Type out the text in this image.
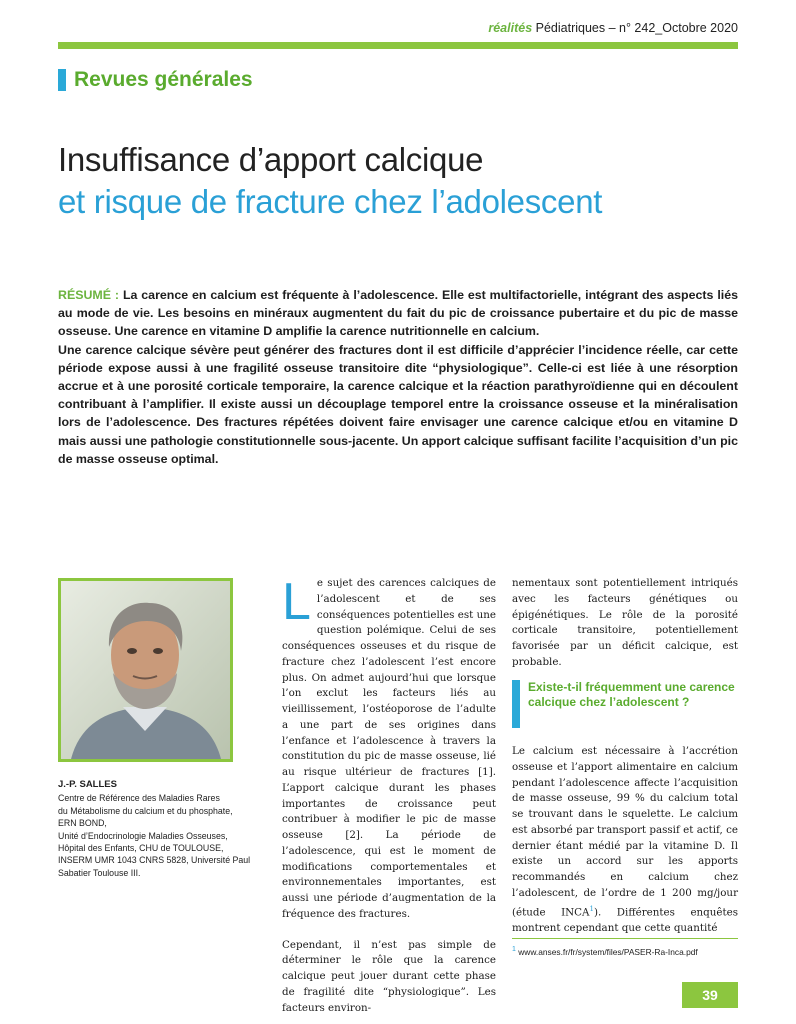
réalités Pédiatriques – n° 242_Octobre 2020
Revues générales
Insuffisance d’apport calcique
et risque de fracture chez l’adolescent

RÉSUMÉ : La carence en calcium est fréquente à l’adolescence. Elle est multifactorielle, intégrant des aspects liés au mode de vie. Les besoins en minéraux augmentent du fait du pic de croissance pubertaire et du pic de masse osseuse. Une carence en vitamine D amplifie la carence nutritionnelle en calcium.

Une carence calcique sévère peut générer des fractures dont il est difficile d’apprécier l’incidence réelle, car cette période expose aussi à une fragilité osseuse transitoire dite “physiologique”. Celle-ci est liée à une résorption accrue et à une porosité corticale temporaire, la carence calcique et la réaction parathyroïdienne qui en découlent contribuant à l’amplifier. Il existe aussi un découplage temporel entre la croissance osseuse et la minéralisation lors de l’adolescence. Des fractures répétées doivent faire envisager une carence calcique et/ou en vitamine D mais aussi une pathologie constitutionnelle sous-jacente. Un apport calcique suffisant facilite l’acquisition d’un pic de masse osseuse optimal.

J.-P. SALLES
Centre de Référence des Maladies Rares
du Métabolisme du calcium et du phosphate,
ERN BOND,
Unité d’Endocrinologie Maladies Osseuses,
Hôpital des Enfants, CHU de TOULOUSE,
INSERM UMR 1043 CNRS 5828, Université Paul
Sabatier Toulouse III.

Le sujet des carences calciques de l’adolescent et de ses conséquences potentielles est une question polémique. Celui de ses conséquences osseuses et du risque de fracture chez l’adolescent l’est encore plus. On admet aujourd’hui que lorsque l’on exclut les facteurs liés au vieillissement, l’ostéoporose de l’adulte a une part de ses origines dans l’enfance et l’adolescence à travers la constitution du pic de masse osseuse, lié au risque ultérieur de fractures [1]. L’apport calcique durant les phases importantes de croissance peut contribuer à modifier le pic de masse osseuse [2]. La période de l’adolescence, qui est le moment de modifications comportementales et environnementales importantes, est aussi une période d’augmentation de la fréquence des fractures.

Cependant, il n’est pas simple de déterminer le rôle que la carence calcique peut jouer durant cette phase de fragilité dite “physiologique”. Les facteurs environ-

nementaux sont potentiellement intriqués avec les facteurs génétiques ou épigénétiques. Le rôle de la porosité corticale transitoire, potentiellement favorisée par un déficit calcique, est probable.

Existe-t-il fréquemment une carence calcique chez l’adolescent ?

Le calcium est nécessaire à l’accrétion osseuse et l’apport alimentaire en calcium pendant l’adolescence affecte l’acquisition de masse osseuse, 99 % du calcium total se trouvant dans le squelette. Le calcium est absorbé par transport passif et actif, ce dernier étant médié par la vitamine D. Il existe un accord sur les apports recommandés en calcium chez l’adolescent, de l’ordre de 1 200 mg/jour (étude INCA$^1$). Différentes enquêtes montrent cependant que cette quantité

$^1$ www.anses.fr/fr/system/files/PASER-Ra-Inca.pdf
39
